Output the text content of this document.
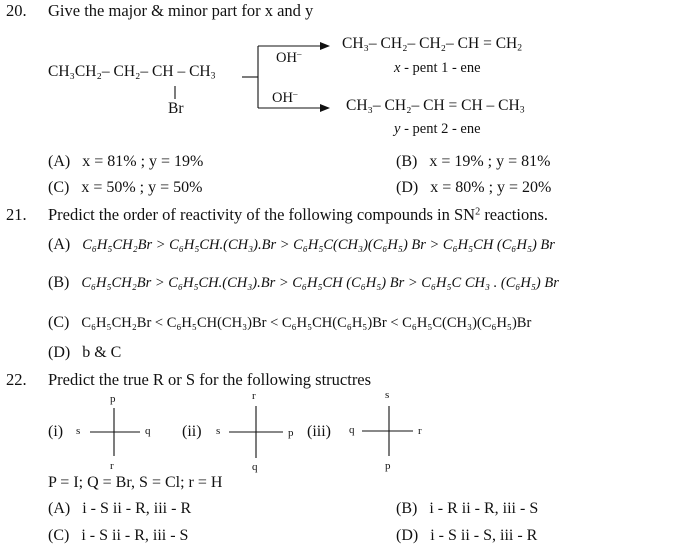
20. Give the major & minor part for x and y
CH₃CH₂– CH₂– CH – $CH_3$
Br
OH–
OH–
CH₃– CH₂– CH₂– CH = $CH_2$
x - pent 1 - ene
CH₃– CH₂– CH = CH – $CH_3$
y - pent 2 - ene
(A) x = 81% ; y = 19%	(B) x = 19% ; y = 81%
(C) x = 50% ; y = 50%	(D) x = 80% ; y = 20%
21. Predict the order of reactivity of the following compounds in $SN^2$ reactions.
(A) C₆H₅CH₂Br > C₆H₅CH.(CH₃).Br > C₆H₅C(CH₃)(C₆H₅) Br > C₆H₅CH (C₆H₅) Br
(B) C₆H₅CH₂Br > C₆H₅CH.(CH₃).Br > C₆H₅CH (C₆H₅) Br > C₆H₅C CH₃ . (C₆H₅) Br
(C) C₆H₅CH₂Br < C₆H₅CH(CH₃)Br < C₆H₅CH(C₆H₅)Br < C₆H₅C(CH₃)(C₆H₅)Br
(D) b & C
22. Predict the true R or S for the following structres
(i)
p
s	q
r
(ii)
r
s	p
q
(iii)
s
q	r
p
P = I; Q = Br, S = Cl; r = H
(A) i - S ii - R, iii - R	(B) i - R ii - R, iii - S
(C) i - S ii - R, iii - S	(D) i - S ii - S, iii - R
